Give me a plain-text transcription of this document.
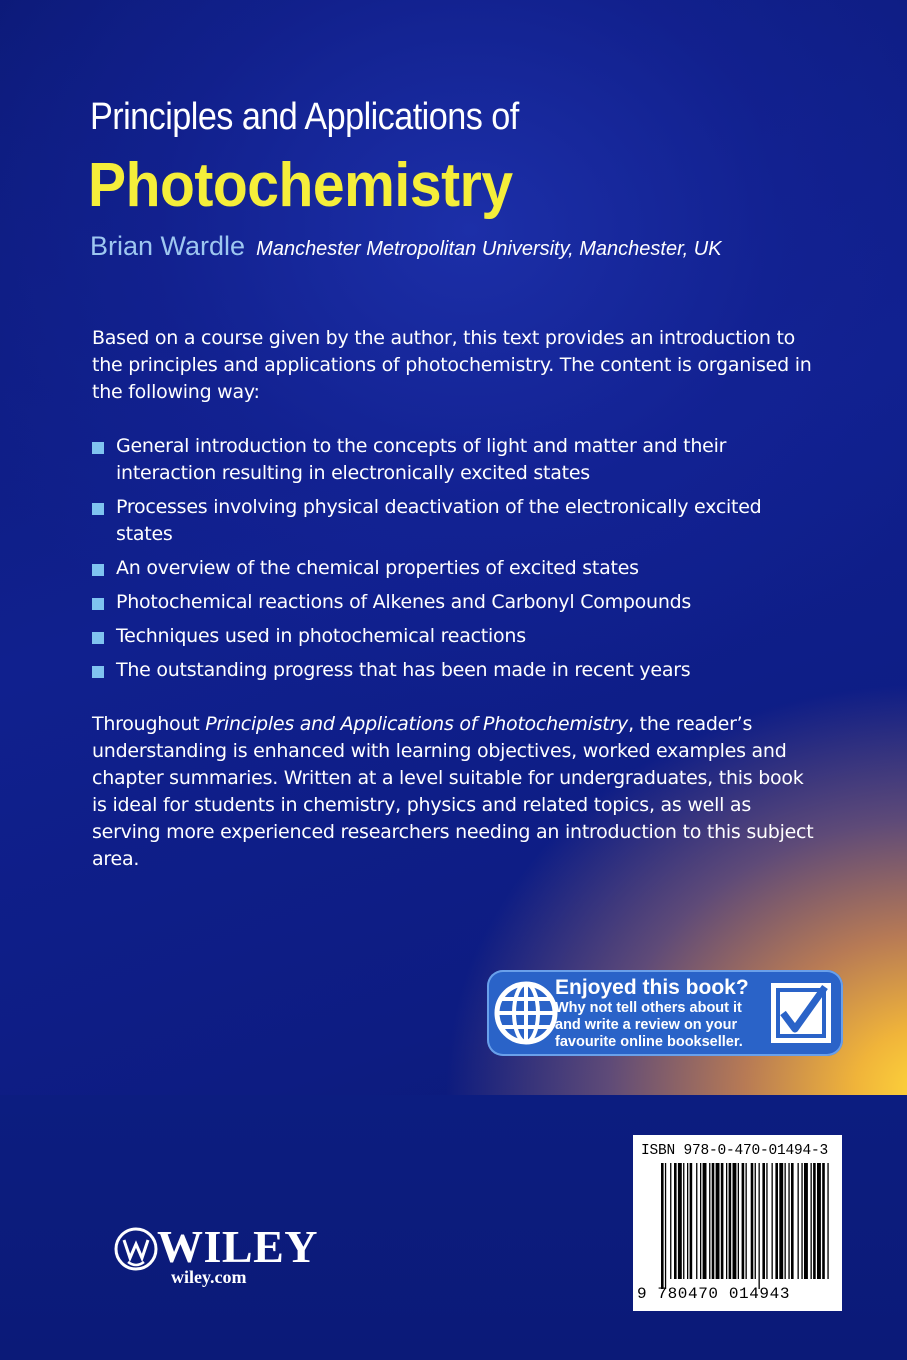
Principles and Applications of
Photochemistry
Brian Wardle Manchester Metropolitan University, Manchester, UK

Based on a course given by the author, this text provides an introduction to the principles and applications of photochemistry. The content is organised in the following way:

General introduction to the concepts of light and matter and their interaction resulting in electronically excited states
Processes involving physical deactivation of the electronically excited states
An overview of the chemical properties of excited states
Photochemical reactions of Alkenes and Carbonyl Compounds
Techniques used in photochemical reactions
The outstanding progress that has been made in recent years

Throughout Principles and Applications of Photochemistry, the reader’s understanding is enhanced with learning objectives, worked examples and chapter summaries. Written at a level suitable for undergraduates, this book is ideal for students in chemistry, physics and related topics, as well as serving more experienced researchers needing an introduction to this subject area.

Enjoyed this book?
Why not tell others about it and write a review on your favourite online bookseller.
WILEY
wiley.com

ISBN 978-0-470-01494-3

9 780470 014943
